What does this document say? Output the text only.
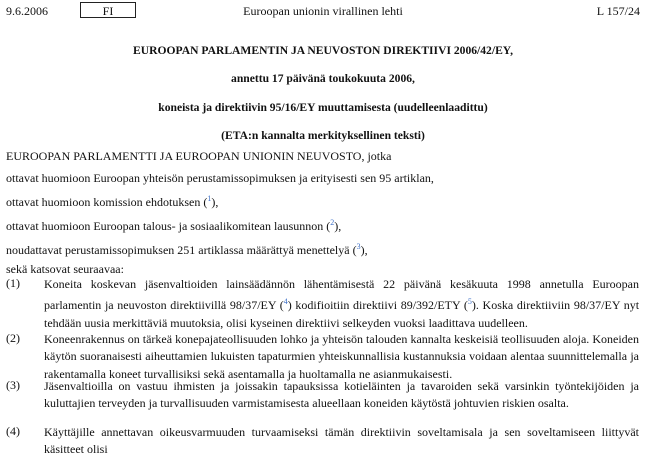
9.6.2006	FI	Euroopan unionin virallinen lehti	L 157/24
EUROOPAN PARLAMENTIN JA NEUVOSTON DIREKTIIVI 2006/42/EY,
annettu 17 päivänä toukokuuta 2006,
koneista ja direktiivin 95/16/EY muuttamisesta (uudelleenlaadittu)
(ETA:n kannalta merkityksellinen teksti)
EUROOPAN PARLAMENTTI JA EUROOPAN UNIONIN NEUVOSTO, jotka
ottavat huomioon Euroopan yhteisön perustamissopimuksen ja erityisesti sen 95 artiklan,
ottavat huomioon komission ehdotuksen ($^1$),
ottavat huomioon Euroopan talous- ja sosiaalikomitean lausunnon ($^2$),
noudattavat perustamissopimuksen 251 artiklassa määrättyä menettelyä ($^3$),
sekä katsovat seuraavaa:
(1) Koneita koskevan jäsenvaltioiden lainsäädännön lähentämisestä 22 päivänä kesäkuuta 1998 annetulla Euroopan parlamentin ja neuvoston direktiivillä 98/37/EY ($^4$) kodifioitiin direktiivi 89/392/ETY ($^5$). Koska direktiiviin 98/37/EY nyt tehdään uusia merkittäviä muutoksia, olisi kyseinen direktiivi selkeyden vuoksi laadittava uudelleen.
(2) Koneenrakennus on tärkeä konepajateollisuuden lohko ja yhteisön talouden kannalta keskeisiä teollisuuden aloja. Koneiden käytön suoranaisesti aiheuttamien lukuisten tapaturmien yhteiskunnallisia kustannuksia voidaan alentaa suunnittelemalla ja rakentamalla koneet turvallisiksi sekä asentamalla ja huoltamalla ne asianmukaisesti.
(3) Jäsenvaltioilla on vastuu ihmisten ja joissakin tapauksissa kotieläinten ja tavaroiden sekä varsinkin työntekijöiden ja kuluttajien terveyden ja turvallisuuden varmistamisesta alueellaan koneiden käytöstä johtuvien riskien osalta.
(4) Käyttäjille annettavan oikeusvarmuuden turvaamiseksi tämän direktiivin soveltamisala ja sen soveltamiseen liittyvät käsitteet olisi
